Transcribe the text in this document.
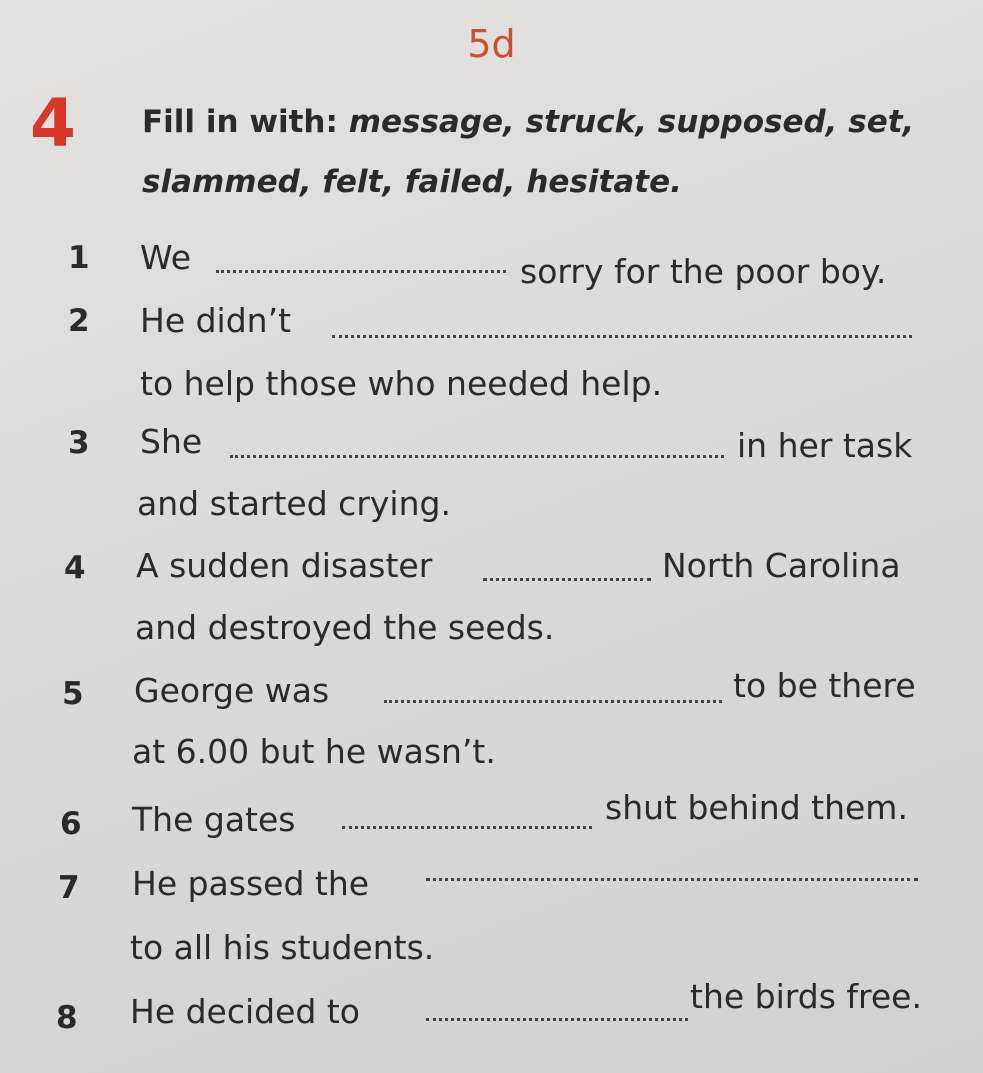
5d
4 Fill in with: message, struck, supposed, set,
slammed, felt, failed, hesitate.
1 We	sorry for the poor boy.
2 He didn’t
to help those who needed help.
3 She	in her task
and started crying.
4 A sudden disaster	North Carolina
and destroyed the seeds.
5 George was	to be there
at 6.00 but he wasn’t.
6 The gates	shut behind them.
7 He passed the
to all his students.
8 He decided to	the birds free.
